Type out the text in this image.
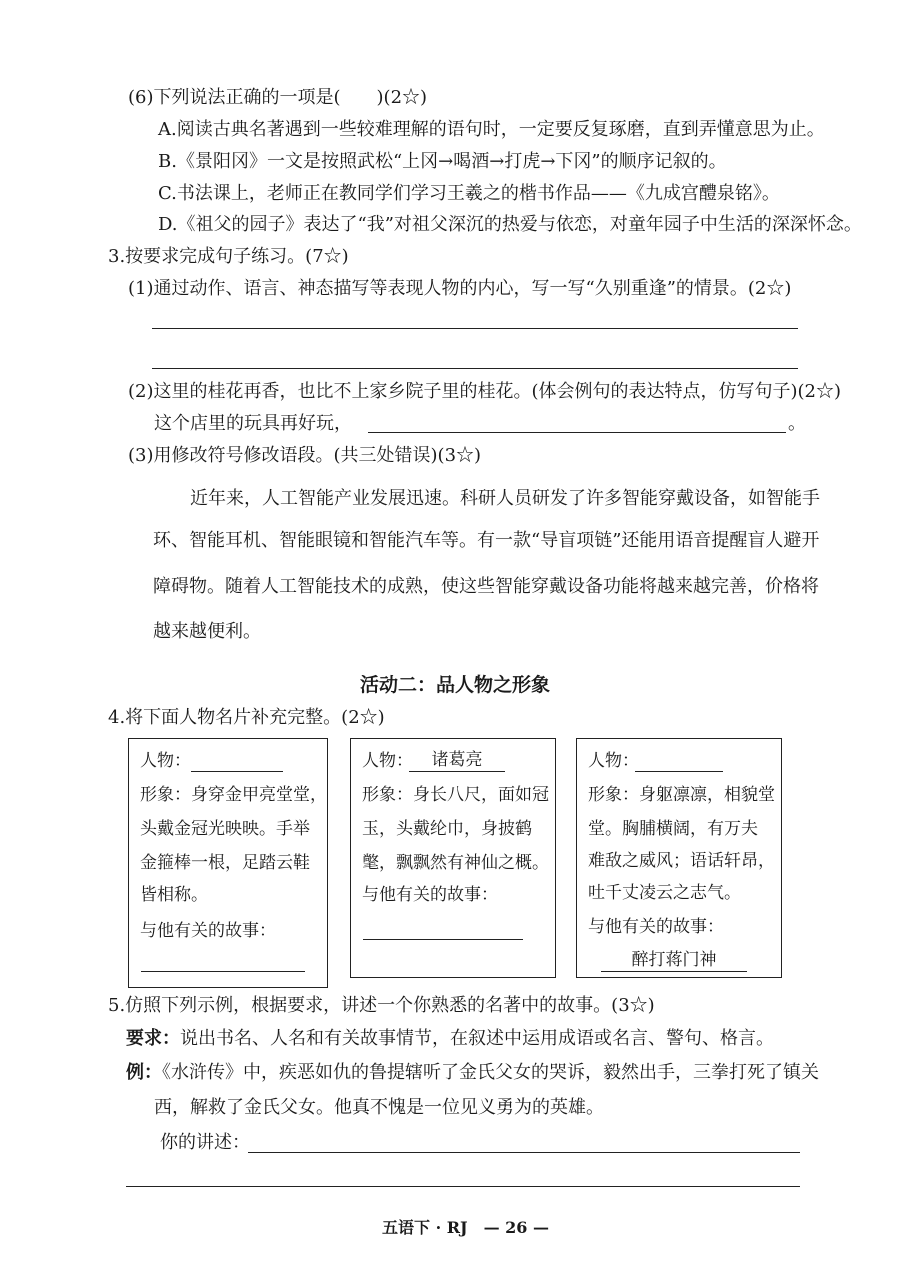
(6)下列说法正确的一项是(　　)(2☆)
A.阅读古典名著遇到一些较难理解的语句时，一定要反复琢磨，直到弄懂意思为止。
B.《景阳冈》一文是按照武松“上冈→喝酒→打虎→下冈”的顺序记叙的。
C.书法课上，老师正在教同学们学习王羲之的楷书作品——《九成宫醴泉铭》。
D.《祖父的园子》表达了“我”对祖父深沉的热爱与依恋，对童年园子中生活的深深怀念。
3.按要求完成句子练习。(7☆)
(1)通过动作、语言、神态描写等表现人物的内心，写一写“久别重逢”的情景。(2☆)
(2)这里的桂花再香，也比不上家乡院子里的桂花。(体会例句的表达特点，仿写句子)(2☆)
这个店里的玩具再好玩，	。
(3)用修改符号修改语段。(共三处错误)(3☆)
近年来，人工智能产业发展迅速。科研人员研发了许多智能穿戴设备，如智能手
环、智能耳机、智能眼镜和智能汽车等。有一款“导盲项链”还能用语音提醒盲人避开
障碍物。随着人工智能技术的成熟，使这些智能穿戴设备功能将越来越完善，价格将
越来越便利。
活动二：品人物之形象
4.将下面人物名片补充完整。(2☆)
人物：
形象：身穿金甲亮堂堂，
头戴金冠光映映。手举
金箍棒一根，足踏云鞋
皆相称。
与他有关的故事：
人物：	诸葛亮
形象：身长八尺，面如冠
玉，头戴纶巾，身披鹤
氅，飘飘然有神仙之概。
与他有关的故事：
人物：
形象：身躯凛凛，相貌堂
堂。胸脯横阔，有万夫
难敌之威风；语话轩昂，
吐千丈凌云之志气。
与他有关的故事：
醉打蒋门神
5.仿照下列示例，根据要求，讲述一个你熟悉的名著中的故事。(3☆)
要求：说出书名、人名和有关故事情节，在叙述中运用成语或名言、警句、格言。
例：《水浒传》中，疾恶如仇的鲁提辖听了金氏父女的哭诉，毅然出手，三拳打死了镇关
西，解救了金氏父女。他真不愧是一位见义勇为的英雄。
你的讲述：
五语下 · RJ　— 26 —
